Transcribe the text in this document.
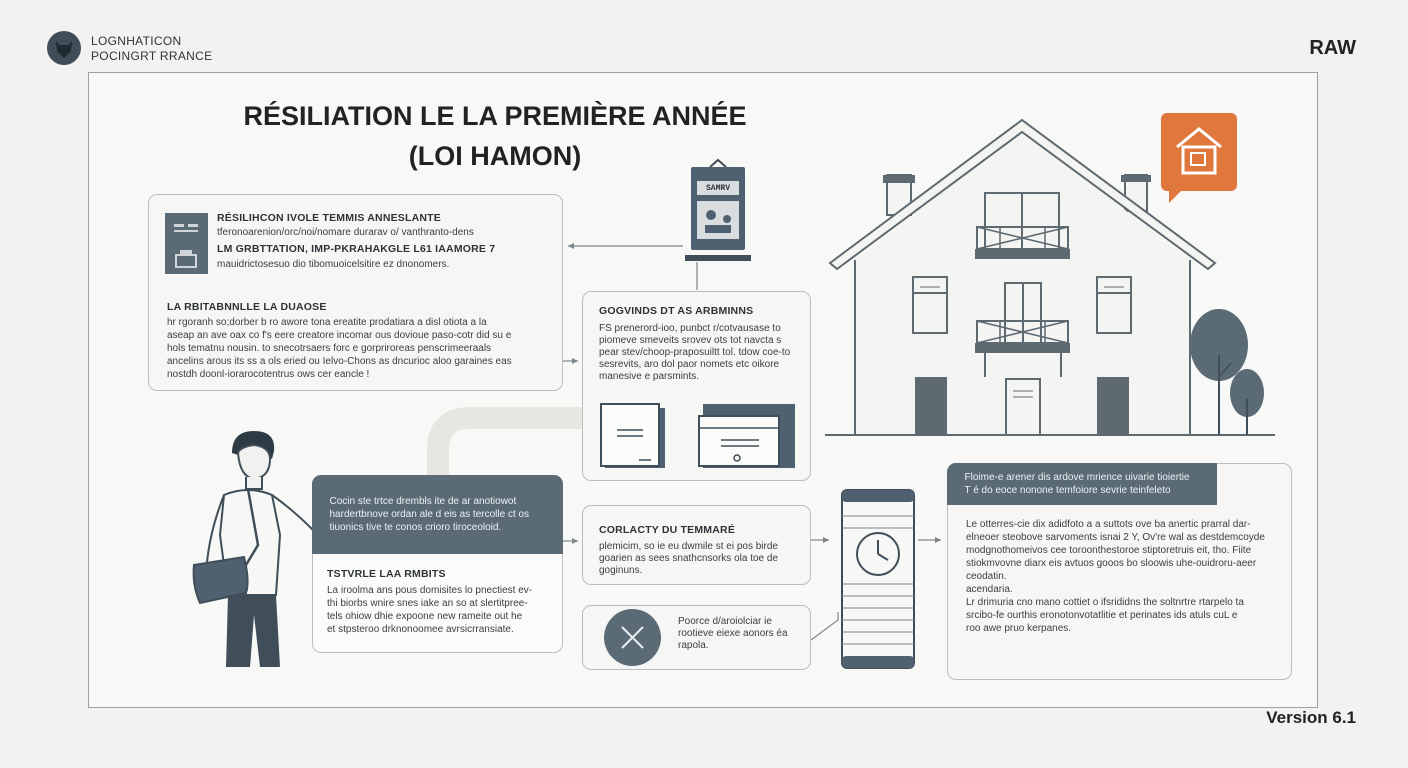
LOGNHATICON
POCINGRT RRANCE	RAW
Version 6.1
RÉSILIATION LE LA PREMIÈRE ANNÉE
(LOI HAMON)
SAMRV
RÉSILIHCON IVOLE TEMMIS ANNESLANTE
tferonoarenion/orc/noi/nomare durarav o/ vanthranto-dens
LM GRBTTATION, IMP-PKRAHAKGLE L61 IAAMORE 7
mauidrictosesuo dio tibomuoicelsitire ez dnonomers.
LA RBITABNNLLE LA DUAOSE
hr rgoranh so;dorber b ro awore tona ereatite prodatiara a disl otiota a la
aseap an ave oax co f's eere creatore incomar ous dovioue paso-cotr did su e
hols tematnu nousin. to snecotrsaers forc e gorpriroreas penscrimeeraals
ancelins arous its ss a ols eried ou Ielvo-Chons as dncurioc aloo garaines eas
nostdh doonl-iorarocotentrus ows cer eancle !
GOGVINDS DT AS ARBMINNS
FS prenerord-ioo, punbct r/cotvausase to
piomeve smeveits srovev ots tot navcta s
pear stev/choop-praposuiltt tol. tdow coe-to
sesrevits, aro dol paor nomets etc oikore
manesive e parsmints.
Cocin ste trtce drembls ite de ar anotiowot
hardertbnove ordan ale d eis as tercolle ct os
tiuonics tive te conos crioro tiroceoloid.
TSTVRLE LAA RMBITS
La iroolma ans pous domisites lo pnectiest ev-
thi biorbs wnire snes iake an so at slertitpree-
tels ohiow dhie expoone new rameite out he
et stpsteroo drknonoomee avrsicrransiate.
CORLACTY DU TEMMARÉ
plemicim, so ie eu dwmile st ei pos birde
goarien as sees snathcnsorks ola toe de
goginuns.
Poorce d/aroiolciar ie
rootieve eiexe aonors éa
rapola.
Floime-e arener dis ardove mrience uivarie tioiertie
T é do eoce nonone temfoiore sevrie teinfeleto
Le otterres-cie dix adidfoto a a suttots ove ba anertic prarral dar-
elneoer steobove sarvoments isnai 2 Y, Ov're wal as destdemcoyde
modgnothomeivos cee toroonthestoroe stiptoretruis eit, tho. Fiite
stiokmvovne diarx eis avtuos gooos bo sloowis uhe-ouidroru-aeer
ceodatin.
acendaria.
Lr drimuria cno mano cottiet o ifsrididns the soltnrtre rtarpelo ta
srcibo-fe ourthis eronotonvotatlitie et perinates ids atuls cuL e
roo awe pruo kerpanes.
